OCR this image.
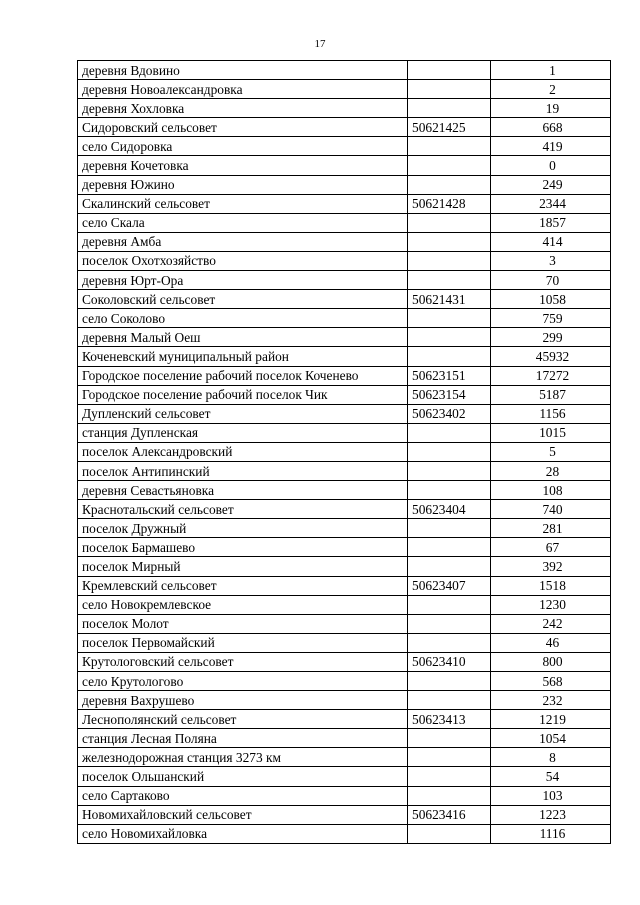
17
деревня Вдовино		1
деревня Новоалександровка		2
деревня Хохловка		19
Сидоровский сельсовет	50621425	668
село Сидоровка		419
деревня Кочетовка		0
деревня Южино		249
Скалинский сельсовет	50621428	2344
село Скала		1857
деревня Амба		414
поселок Охотхозяйство		3
деревня Юрт-Ора		70
Соколовский сельсовет	50621431	1058
село Соколово		759
деревня Малый Оеш		299
Коченевский муниципальный район		45932
Городское поселение рабочий поселок Коченево	50623151	17272
Городское поселение рабочий поселок Чик	50623154	5187
Дупленский сельсовет	50623402	1156
станция Дупленская		1015
поселок Александровский		5
поселок Антипинский		28
деревня Севастьяновка		108
Краснотальский сельсовет	50623404	740
поселок Дружный		281
поселок Бармашево		67
поселок Мирный		392
Кремлевский сельсовет	50623407	1518
село Новокремлевское		1230
поселок Молот		242
поселок Первомайский		46
Крутологовский сельсовет	50623410	800
село Крутологово		568
деревня Вахрушево		232
Леснополянский сельсовет	50623413	1219
станция Лесная Поляна		1054
железнодорожная станция 3273 км		8
поселок Ольшанский		54
село Сартаково		103
Новомихайловский сельсовет	50623416	1223
село Новомихайловка		1116
